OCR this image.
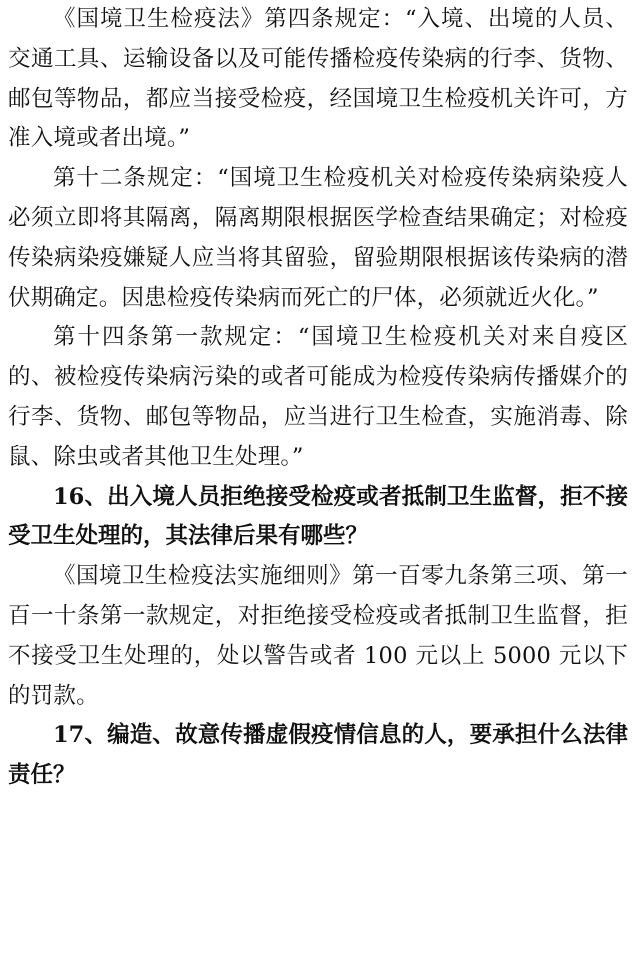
《国境卫生检疫法》第四条规定：“入境、出境的人员、交通工具、运输设备以及可能传播检疫传染病的行李、货物、邮包等物品，都应当接受检疫，经国境卫生检疫机关许可，方准入境或者出境。”

第十二条规定：“国境卫生检疫机关对检疫传染病染疫人必须立即将其隔离，隔离期限根据医学检查结果确定；对检疫传染病染疫嫌疑人应当将其留验，留验期限根据该传染病的潜伏期确定。因患检疫传染病而死亡的尸体，必须就近火化。”

第十四条第一款规定：“国境卫生检疫机关对来自疫区的、被检疫传染病污染的或者可能成为检疫传染病传播媒介的行李、货物、邮包等物品，应当进行卫生检查，实施消毒、除鼠、除虫或者其他卫生处理。”

16、出入境人员拒绝接受检疫或者抵制卫生监督，拒不接受卫生处理的，其法律后果有哪些？

《国境卫生检疫法实施细则》第一百零九条第三项、第一百一十条第一款规定，对拒绝接受检疫或者抵制卫生监督，拒不接受卫生处理的，处以警告或者 100 元以上 5000 元以下的罚款。

17、编造、故意传播虚假疫情信息的人，要承担什么法律责任？
